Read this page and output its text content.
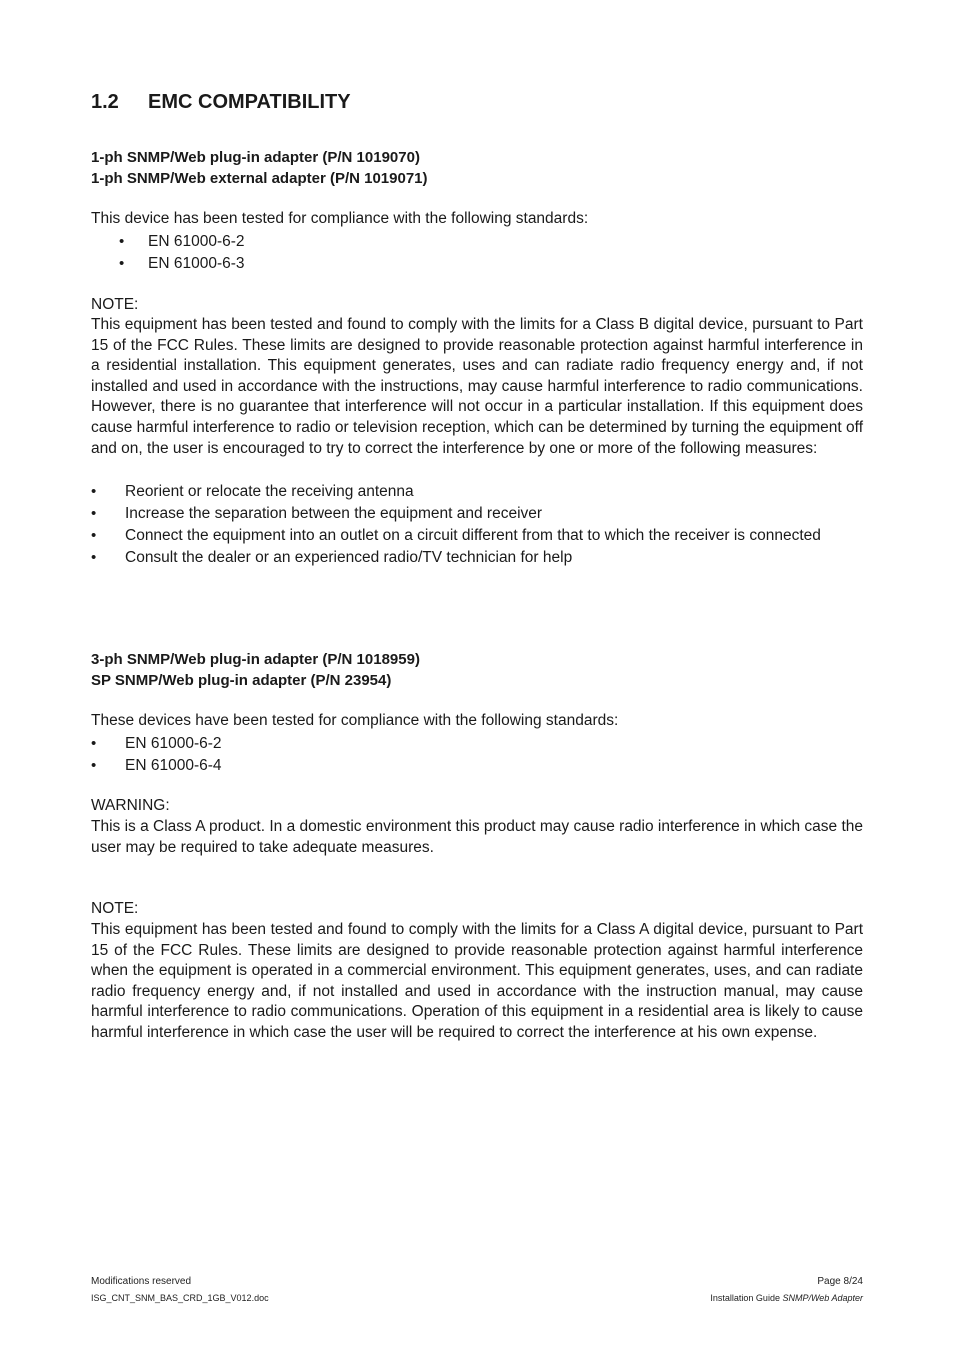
1.2 EMC COMPATIBILITY
1-ph SNMP/Web plug-in adapter (P/N 1019070)
1-ph SNMP/Web external adapter (P/N 1019071)
This device has been tested for compliance with the following standards:
• EN 61000-6-2
• EN 61000-6-3
NOTE:
This equipment has been tested and found to comply with the limits for a Class B digital device, pursuant to Part 15 of the FCC Rules. These limits are designed to provide reasonable protection against harmful interference in a residential installation. This equipment generates, uses and can radiate radio frequency energy and, if not installed and used in accordance with the instructions, may cause harmful interference to radio communications. However, there is no guarantee that interference will not occur in a particular installation. If this equipment does cause harmful interference to radio or television reception, which can be determined by turning the equipment off and on, the user is encouraged to try to correct the interference by one or more of the following measures:
• Reorient or relocate the receiving antenna
• Increase the separation between the equipment and receiver
• Connect the equipment into an outlet on a circuit different from that to which the receiver is connected
• Consult the dealer or an experienced radio/TV technician for help
3-ph SNMP/Web plug-in adapter (P/N 1018959)
SP SNMP/Web plug-in adapter (P/N 23954)
These devices have been tested for compliance with the following standards:
• EN 61000-6-2
• EN 61000-6-4
WARNING:
This is a Class A product. In a domestic environment this product may cause radio interference in which case the user may be required to take adequate measures.
NOTE:
This equipment has been tested and found to comply with the limits for a Class A digital device, pursuant to Part 15 of the FCC Rules. These limits are designed to provide reasonable protection against harmful interference when the equipment is operated in a commercial environment. This equipment generates, uses, and can radiate radio frequency energy and, if not installed and used in accordance with the instruction manual, may cause harmful interference to radio communications. Operation of this equipment in a residential area is likely to cause harmful interference in which case the user will be required to correct the interference at his own expense.
Modifications reserved
ISG_CNT_SNM_BAS_CRD_1GB_V012.doc
Page 8/24
Installation Guide SNMP/Web Adapter
